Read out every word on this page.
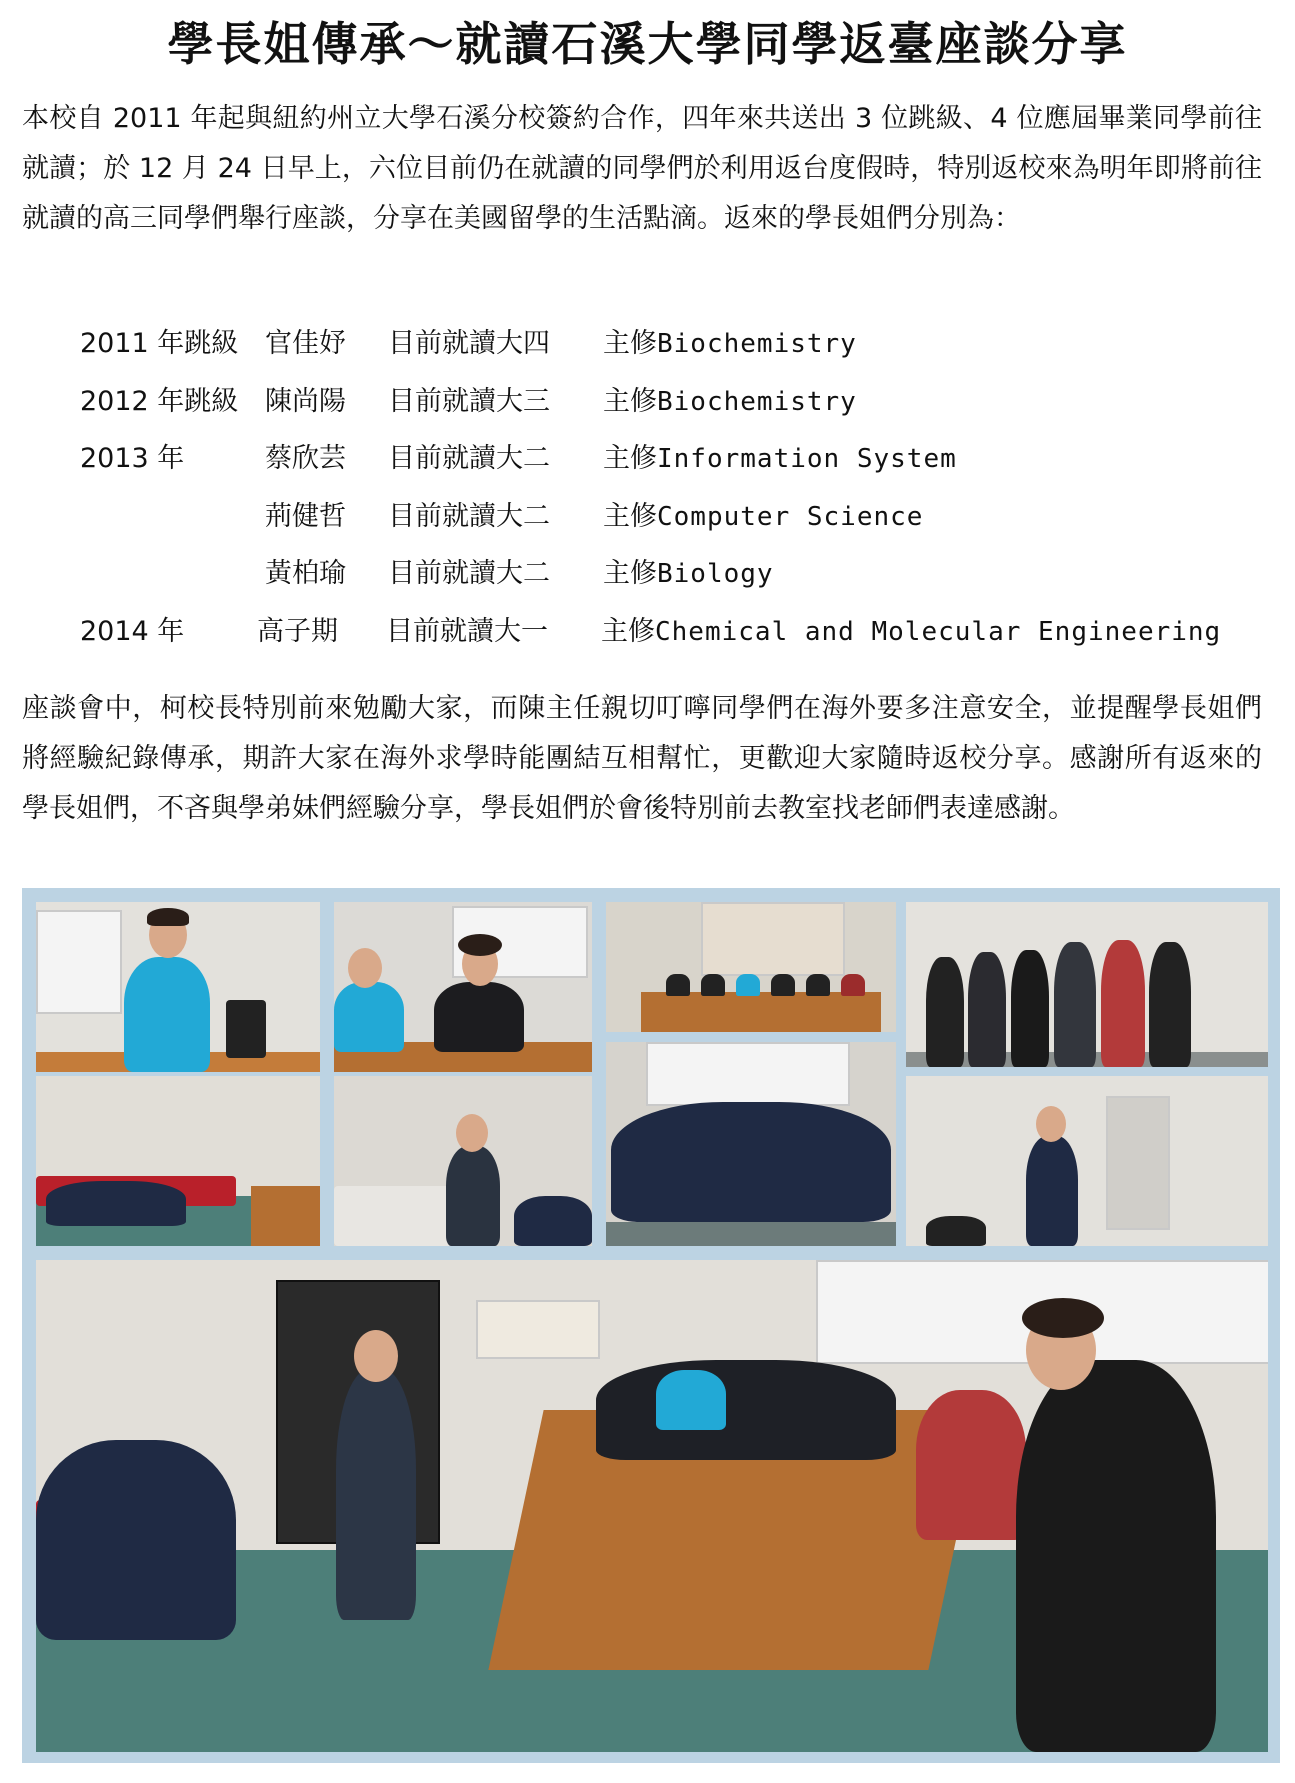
學長姐傳承～就讀石溪大學同學返臺座談分享

本校自 2011 年起與紐約州立大學石溪分校簽約合作，四年來共送出 3 位跳級、4 位應屆畢業同學前往就讀；於 12 月 24 日早上，六位目前仍在就讀的同學們於利用返台度假時，特別返校來為明年即將前往就讀的高三同學們舉行座談，分享在美國留學的生活點滴。返來的學長姐們分別為：

2011 年跳級 官佳妤 目前就讀大四 主修Biochemistry
2012 年跳級 陳尚陽 目前就讀大三 主修Biochemistry
2013 年	蔡欣芸 目前就讀大二 主修Information System
荊健哲 目前就讀大二 主修Computer Science
黃柏瑜 目前就讀大二 主修Biology
2014 年	高子期 目前就讀大一 主修Chemical and Molecular Engineering

座談會中，柯校長特別前來勉勵大家，而陳主任親切叮嚀同學們在海外要多注意安全，並提醒學長姐們將經驗紀錄傳承，期許大家在海外求學時能團結互相幫忙，更歡迎大家隨時返校分享。感謝所有返來的學長姐們，不吝與學弟妹們經驗分享，學長姐們於會後特別前去教室找老師們表達感謝。
